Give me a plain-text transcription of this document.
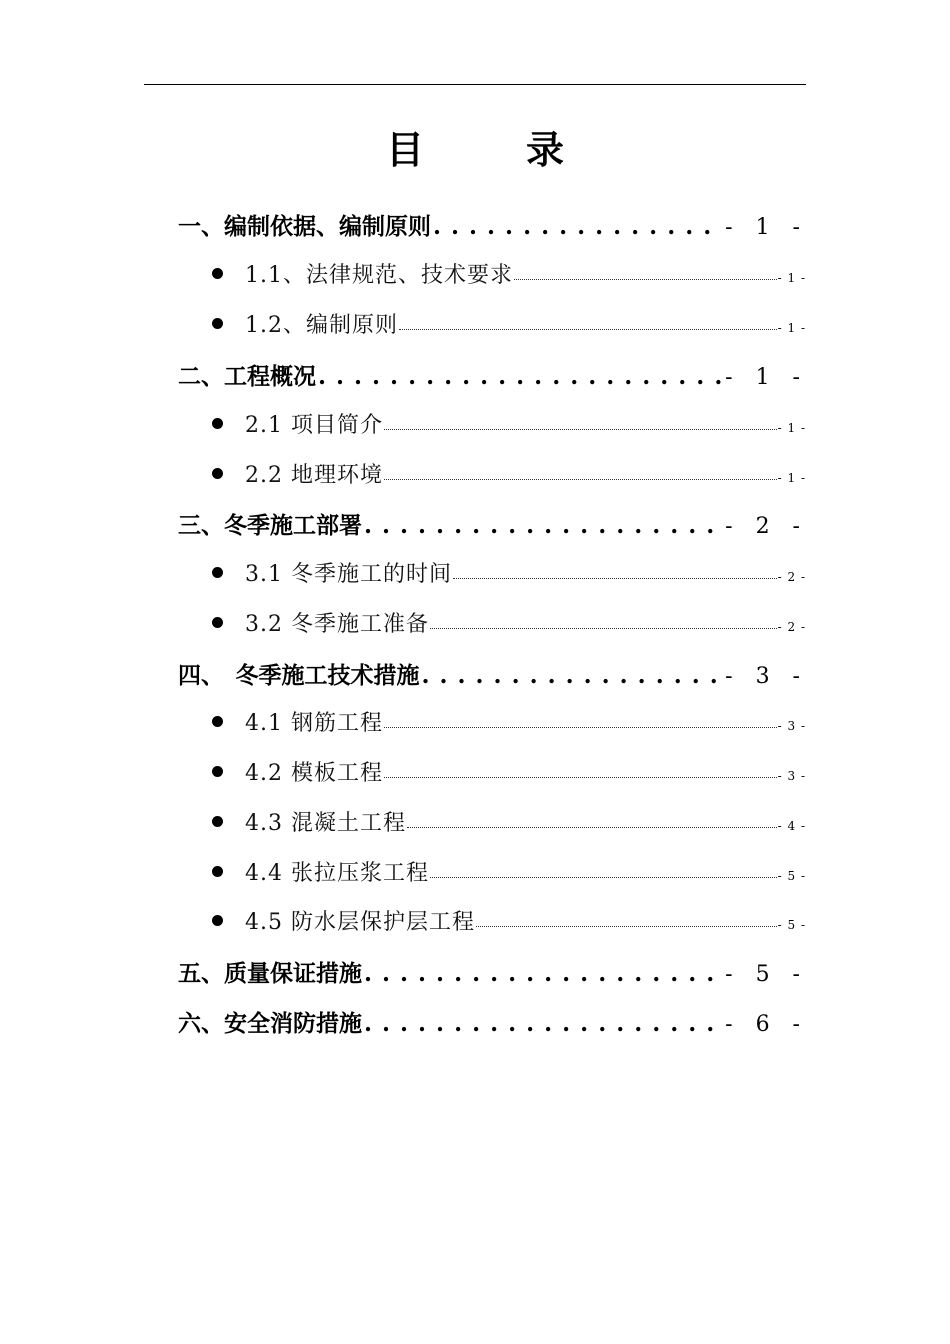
目　录
一、编制依据、编制原则 . . .	- 1 -
1.1、法律规范、技术要求	- 1 -
1.2、编制原则	- 1 -
二、工程概况 . . .	- 1 -
2.1 项目简介	- 1 -
2.2 地理环境	- 1 -
三、冬季施工部署 . . .	- 2 -
3.1 冬季施工的时间	- 2 -
3.2 冬季施工准备	- 2 -
四、　冬季施工技术措施 . . .	- 3 -
4.1 钢筋工程	- 3 -
4.2 模板工程	- 3 -
4.3 混凝土工程	- 4 -
4.4 张拉压浆工程	- 5 -
4.5 防水层保护层工程	- 5 -
五、质量保证措施 . . .	- 5 -
六、安全消防措施 . . .	- 6 -
